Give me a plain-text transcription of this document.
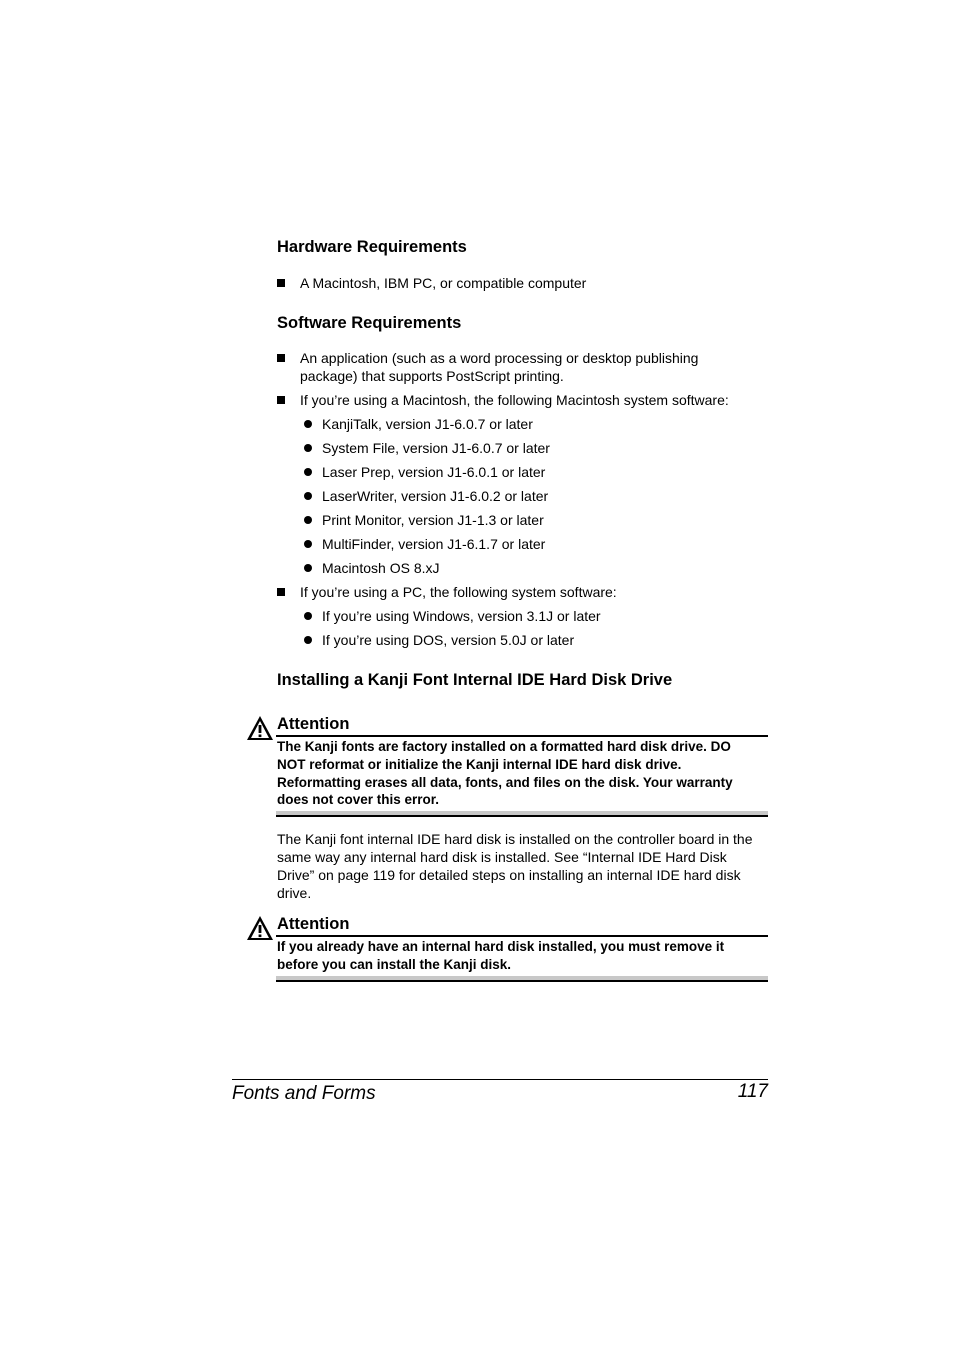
Hardware Requirements
A Macintosh, IBM PC, or compatible computer
Software Requirements
An application (such as a word processing or desktop publishing
package) that supports PostScript printing.
If you’re using a Macintosh, the following Macintosh system software:
KanjiTalk, version J1-6.0.7 or later
System File, version J1-6.0.7 or later
Laser Prep, version J1-6.0.1 or later
LaserWriter, version J1-6.0.2 or later
Print Monitor, version J1-1.3 or later
MultiFinder, version J1-6.1.7 or later
Macintosh OS 8.xJ
If you’re using a PC, the following system software:
If you’re using Windows, version 3.1J or later
If you’re using DOS, version 5.0J or later
Installing a Kanji Font Internal IDE Hard Disk Drive
Attention
The Kanji fonts are factory installed on a formatted hard disk drive. DO
NOT reformat or initialize the Kanji internal IDE hard disk drive.
Reformatting erases all data, fonts, and files on the disk. Your warranty
does not cover this error.
The Kanji font internal IDE hard disk is installed on the controller board in the
same way any internal hard disk is installed. See “Internal IDE Hard Disk
Drive” on page 119 for detailed steps on installing an internal IDE hard disk
drive.
Attention
If you already have an internal hard disk installed, you must remove it
before you can install the Kanji disk.
Fonts and Forms	117
